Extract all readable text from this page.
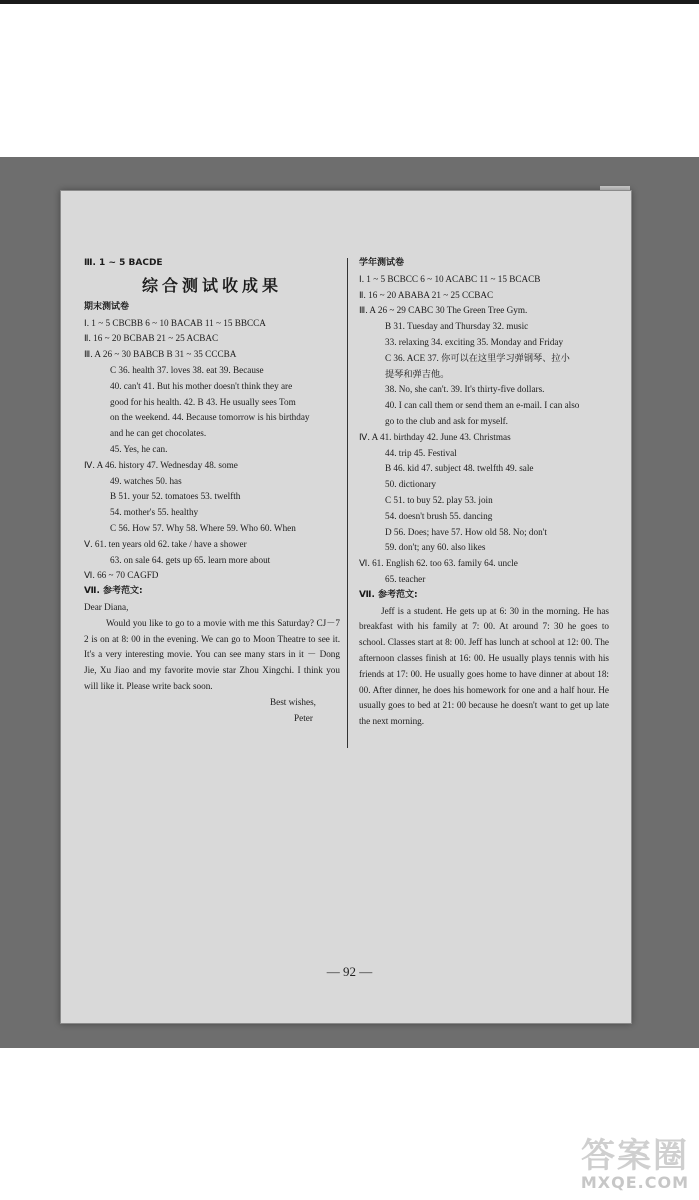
Ⅲ. 1 ~ 5 BACDE
综合测试收成果
期末测试卷
Ⅰ. 1 ~ 5 CBCBB 6 ~ 10 BACAB 11 ~ 15 BBCCA
Ⅱ. 16 ~ 20 BCBAB 21 ~ 25 ACBAC
Ⅲ. A 26 ~ 30 BABCB B 31 ~ 35 CCCBA
C 36. health 37. loves 38. eat 39. Because
40. can't 41. But his mother doesn't think they are
good for his health. 42. B 43. He usually sees Tom
on the weekend. 44. Because tomorrow is his birthday
and he can get chocolates.
45. Yes, he can.
Ⅳ. A 46. history 47. Wednesday 48. some
49. watches 50. has
B 51. your 52. tomatoes 53. twelfth
54. mother's 55. healthy
C 56. How 57. Why 58. Where 59. Who 60. When
Ⅴ. 61. ten years old 62. take / have a shower
63. on sale 64. gets up 65. learn more about
Ⅵ. 66 ~ 70 CAGFD
Ⅶ. 参考范文:
Dear Diana,
Would you like to go to a movie with me this Saturday? CJ－7 2 is on at 8: 00 in the evening. We can go to Moon Theatre to see it. It's a very interesting movie. You can see many stars in it － Dong Jie, Xu Jiao and my favorite movie star Zhou Xingchi. I think you will like it. Please write back soon.
Best wishes,
Peter
学年测试卷
Ⅰ. 1 ~ 5 BCBCC 6 ~ 10 ACABC 11 ~ 15 BCACB
Ⅱ. 16 ~ 20 ABABA 21 ~ 25 CCBAC
Ⅲ. A 26 ~ 29 CABC 30 The Green Tree Gym.
B 31. Tuesday and Thursday 32. music
33. relaxing 34. exciting 35. Monday and Friday
C 36. ACE 37. 你可以在这里学习弹钢琴、拉小
提琴和弹吉他。
38. No, she can't. 39. It's thirty-five dollars.
40. I can call them or send them an e-mail. I can also
go to the club and ask for myself.
Ⅳ. A 41. birthday 42. June 43. Christmas
44. trip 45. Festival
B 46. kid 47. subject 48. twelfth 49. sale
50. dictionary
C 51. to buy 52. play 53. join
54. doesn't brush 55. dancing
D 56. Does; have 57. How old 58. No; don't
59. don't; any 60. also likes
Ⅵ. 61. English 62. too 63. family 64. uncle
65. teacher
Ⅶ. 参考范文:
Jeff is a student. He gets up at 6: 30 in the morning. He has breakfast with his family at 7: 00. At around 7: 30 he goes to school. Classes start at 8: 00. Jeff has lunch at school at 12: 00. The afternoon classes finish at 16: 00. He usually plays tennis with his friends at 17: 00. He usually goes home to have dinner at about 18: 00. After dinner, he does his homework for one and a half hour. He usually goes to bed at 21: 00 because he doesn't want to get up late the next morning.
— 92 —
答案圈
MXQE.COM
